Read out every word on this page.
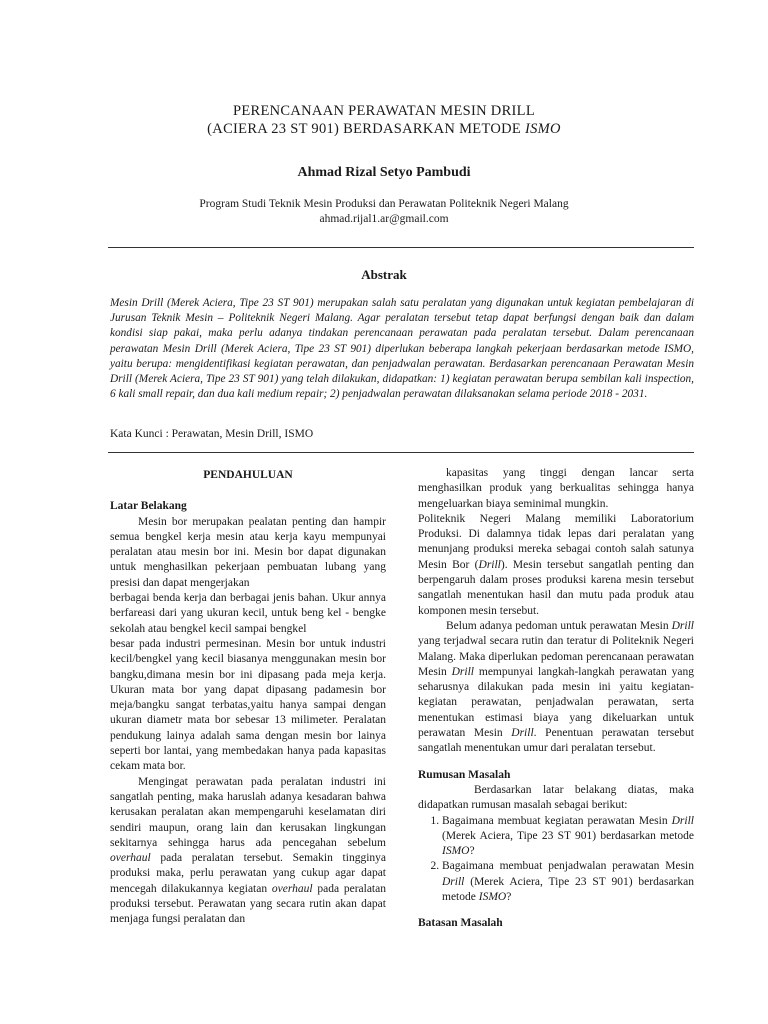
PERENCANAAN PERAWATAN MESIN DRILL
(ACIERA 23 ST 901) BERDASARKAN METODE ISMO
Ahmad Rizal Setyo Pambudi
Program Studi Teknik Mesin Produksi dan Perawatan Politeknik Negeri Malang
ahmad.rijal1.ar@gmail.com
Abstrak
Mesin Drill (Merek Aciera, Tipe 23 ST 901) merupakan salah satu peralatan yang digunakan untuk kegiatan pembelajaran di Jurusan Teknik Mesin – Politeknik Negeri Malang. Agar peralatan tersebut tetap dapat berfungsi dengan baik dan dalam kondisi siap pakai, maka perlu adanya tindakan perencanaan perawatan pada peralatan tersebut. Dalam perencanaan perawatan Mesin Drill (Merek Aciera, Tipe 23 ST 901) diperlukan beberapa langkah pekerjaan berdasarkan metode ISMO, yaitu berupa: mengidentifikasi kegiatan perawatan, dan penjadwalan perawatan. Berdasarkan perencanaan Perawatan Mesin Drill (Merek Aciera, Tipe 23 ST 901) yang telah dilakukan, didapatkan: 1) kegiatan perawatan berupa sembilan kali inspection, 6 kali small repair, dan dua kali medium repair; 2) penjadwalan perawatan dilaksanakan selama periode 2018 - 2031.
Kata Kunci : Perawatan, Mesin Drill, ISMO

PENDAHULUAN

Latar Belakang

Mesin bor merupakan pealatan penting dan hampir semua bengkel kerja mesin atau kerja kayu mempunyai peralatan atau mesin bor ini. Mesin bor dapat digunakan untuk menghasilkan pekerjaan pembuatan lubang yang presisi dan dapat mengerjakan

berbagai benda kerja dan berbagai jenis bahan. Ukur annya berfareasi dari yang ukuran kecil, untuk beng kel - bengke sekolah atau bengkel kecil sampai bengkel

besar pada industri permesinan. Mesin bor untuk industri kecil/bengkel yang kecil biasanya menggunakan mesin bor bangku,dimana mesin bor ini dipasang pada meja kerja. Ukuran mata bor yang dapat dipasang padamesin bor meja/bangku sangat terbatas,yaitu hanya sampai dengan ukuran diametr mata bor sebesar 13 milimeter. Peralatan pendukung lainya adalah sama dengan mesin bor lainya seperti bor lantai, yang membedakan hanya pada kapasitas cekam mata bor.

Mengingat perawatan pada peralatan industri ini sangatlah penting, maka haruslah adanya kesadaran bahwa kerusakan peralatan akan mempengaruhi keselamatan diri sendiri maupun, orang lain dan kerusakan lingkungan sekitarnya sehingga harus ada pencegahan sebelum overhaul pada peralatan tersebut. Semakin tingginya produksi maka, perlu perawatan yang cukup agar dapat mencegah dilakukannya kegiatan overhaul pada peralatan produksi tersebut. Perawatan yang secara rutin akan dapat menjaga fungsi peralatan dan

kapasitas yang tinggi dengan lancar serta menghasilkan produk yang berkualitas sehingga hanya mengeluarkan biaya seminimal mungkin.

Politeknik Negeri Malang memiliki Laboratorium Produksi. Di dalamnya tidak lepas dari peralatan yang menunjang produksi mereka sebagai contoh salah satunya Mesin Bor (Drill). Mesin tersebut sangatlah penting dan berpengaruh dalam proses produksi karena mesin tersebut sangatlah menentukan hasil dan mutu pada produk atau komponen mesin tersebut.

Belum adanya pedoman untuk perawatan Mesin Drill yang terjadwal secara rutin dan teratur di Politeknik Negeri Malang. Maka diperlukan pedoman perencanaan perawatan Mesin Drill mempunyai langkah-langkah perawatan yang seharusnya dilakukan pada mesin ini yaitu kegiatan-kegiatan perawatan, penjadwalan perawatan, serta menentukan estimasi biaya yang dikeluarkan untuk perawatan Mesin Drill. Penentuan perawatan tersebut sangatlah menentukan umur dari peralatan tersebut.

Rumusan Masalah

Berdasarkan latar belakang diatas, maka didapatkan rumusan masalah sebagai berikut:

1. Bagaimana membuat kegiatan perawatan Mesin Drill (Merek Aciera, Tipe 23 ST 901) berdasarkan metode ISMO?
2. Bagaimana membuat penjadwalan perawatan Mesin Drill (Merek Aciera, Tipe 23 ST 901) berdasarkan metode ISMO?

Batasan Masalah
